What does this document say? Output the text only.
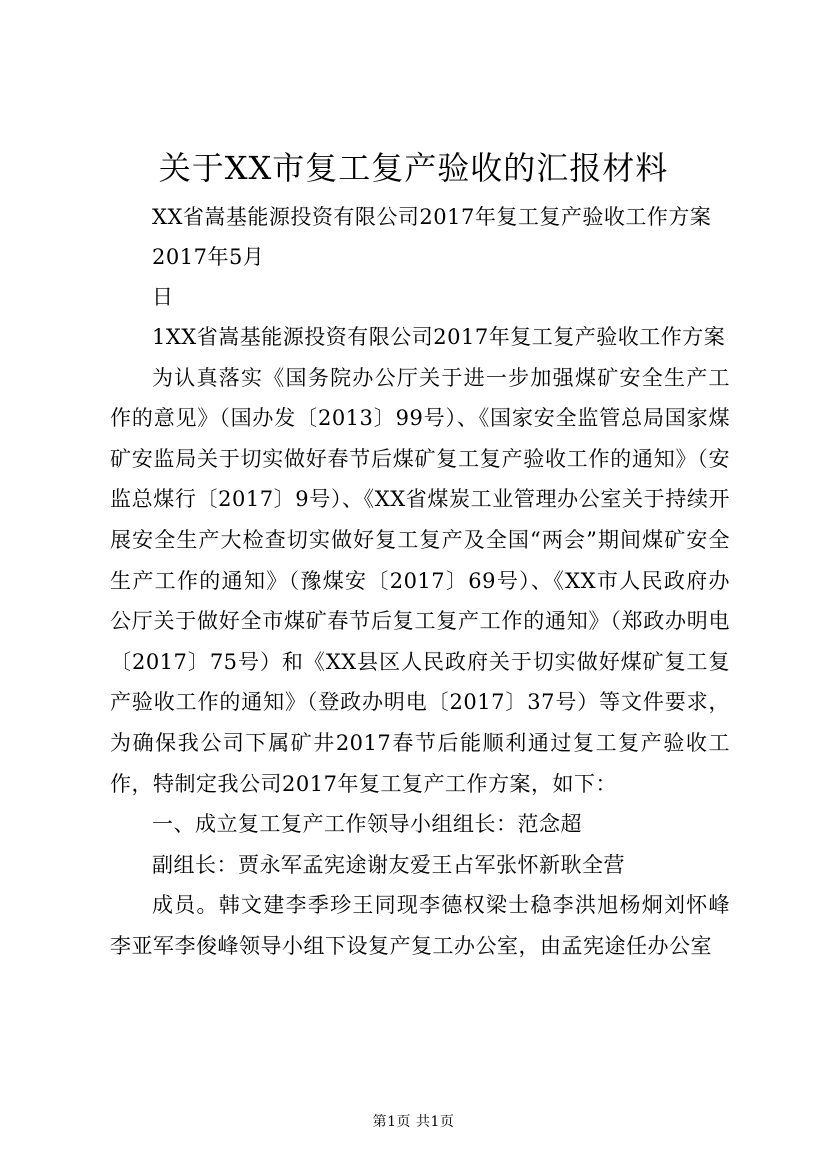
关于XX市复工复产验收的汇报材料

XX省嵩基能源投资有限公司2017年复工复产验收工作方案

2017年5月

日

1XX省嵩基能源投资有限公司2017年复工复产验收工作方案

为认真落实《国务院办公厅关于进一步加强煤矿安全生产工作的意见》（国办发〔2013〕99号）、《国家安全监管总局国家煤矿安监局关于切实做好春节后煤矿复工复产验收工作的通知》（安监总煤行〔2017〕9号）、《XX省煤炭工业管理办公室关于持续开展安全生产大检查切实做好复工复产及全国“两会”期间煤矿安全生产工作的通知》（豫煤安〔2017〕69号）、《XX市人民政府办公厅关于做好全市煤矿春节后复工复产工作的通知》（郑政办明电〔2017〕75号）和《XX县区人民政府关于切实做好煤矿复工复产验收工作的通知》（登政办明电〔2017〕37号）等文件要求，为确保我公司下属矿井2017春节后能顺利通过复工复产验收工作，特制定我公司2017年复工复产工作方案，如下：

一、成立复工复产工作领导小组组长：范念超

副组长：贾永军孟宪途谢友爱王占军张怀新耿全营

成员。韩文建李季珍王同现李德权梁士稳李洪旭杨炯刘怀峰李亚军李俊峰领导小组下设复产复工办公室，由孟宪途任办公室

第1页 共1页
